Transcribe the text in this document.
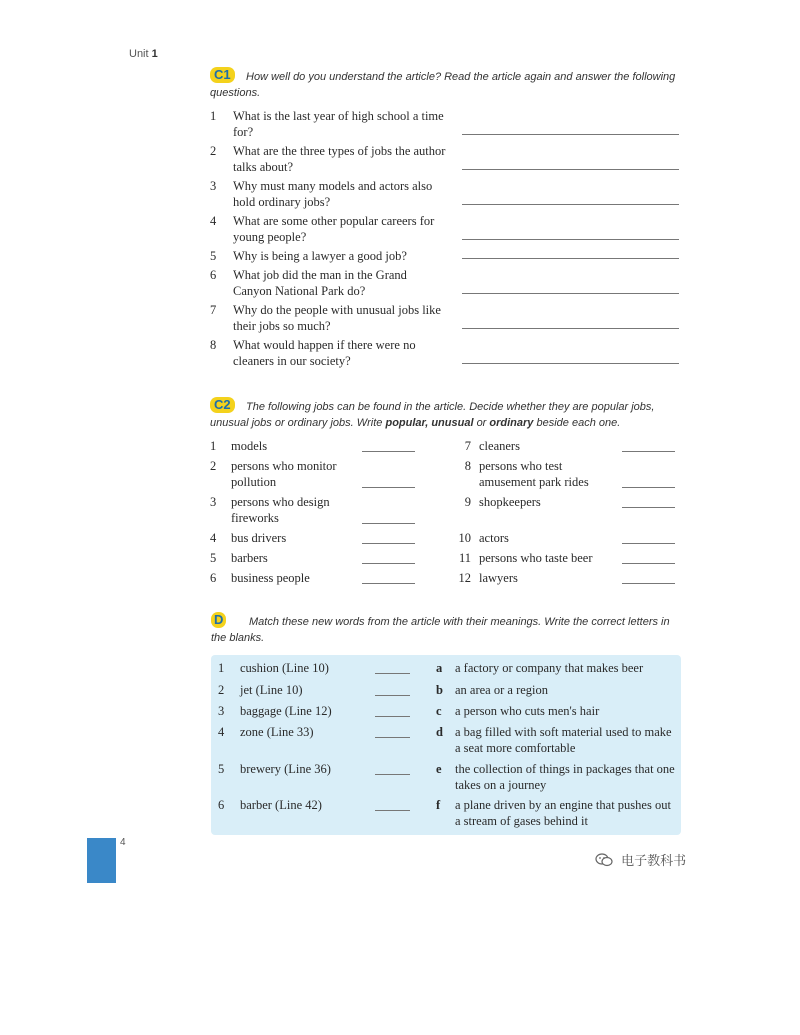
Unit 1
C1	How well do you understand the article? Read the article again and answer the following questions.
1	What is the last year of high school a time for?
2	What are the three types of jobs the author talks about?
3	Why must many models and actors also hold ordinary jobs?
4	What are some other popular careers for young people?
5	Why is being a lawyer a good job?
6	What job did the man in the Grand Canyon National Park do?
7	Why do the people with unusual jobs like their jobs so much?
8	What would happen if there were no cleaners in our society?
C2	The following jobs can be found in the article. Decide whether they are popular jobs, unusual jobs or ordinary jobs. Write popular, unusual or ordinary beside each one.
1 models
2 persons who monitor pollution
3 persons who design fireworks
4 bus drivers
5 barbers
6 business people
7 cleaners
8 persons who test amusement park rides
9 shopkeepers
10 actors
11 persons who taste beer
12 lawyers
D	Match these new words from the article with their meanings. Write the correct letters in the blanks.
1 cushion (Line 10)
2 jet (Line 10)
3 baggage (Line 12)
4 zone (Line 33)
5 brewery (Line 36)
6 barber (Line 42)
a a factory or company that makes beer
b an area or a region
c a person who cuts men's hair
d a bag filled with soft material used to make a seat more comfortable
e the collection of things in packages that one takes on a journey
f a plane driven by an engine that pushes out a stream of gases behind it
4
电子教科书
